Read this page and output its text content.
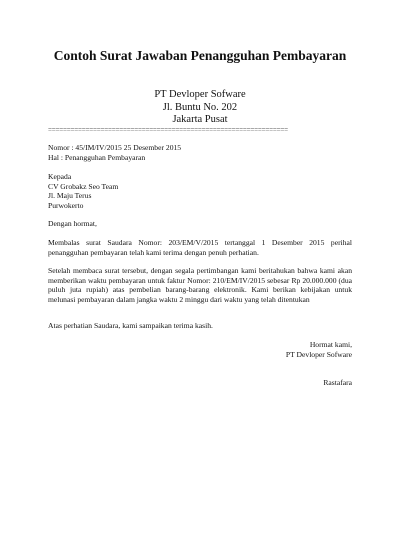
Contoh Surat Jawaban Penangguhan Pembayaran
PT Devloper Sofware
Jl. Buntu No. 202
Jakarta Pusat
================================================================
Nomor : 45/IM/IV/2015 25 Desember 2015
Hal : Penangguhan Pembayaran
Kepada
CV Grobakz Seo Team
Jl. Maju Terus
Purwokerto
Dengan hormat,
Membalas surat Saudara Nomor: 203/EM/V/2015 tertanggal 1 Desember 2015 perihal penangguhan pembayaran telah kami terima dengan penuh perhatian.
Setelah membaca surat tersebut, dengan segala pertimbangan kami beritahukan bahwa kami akan memberikan waktu pembayaran untuk faktur Nomor: 210/EM/IV/2015 sebesar Rp 20.000.000 (dua puluh juta rupiah) atas pembelian barang-barang elektronik. Kami berikan kebijakan untuk melunasi pembayaran dalam jangka waktu 2 minggu dari waktu yang telah ditentukan
Atas perhatian Saudara, kami sampaikan terima kasih.
Hormat kami,
PT Devloper Sofware
Rastafara
